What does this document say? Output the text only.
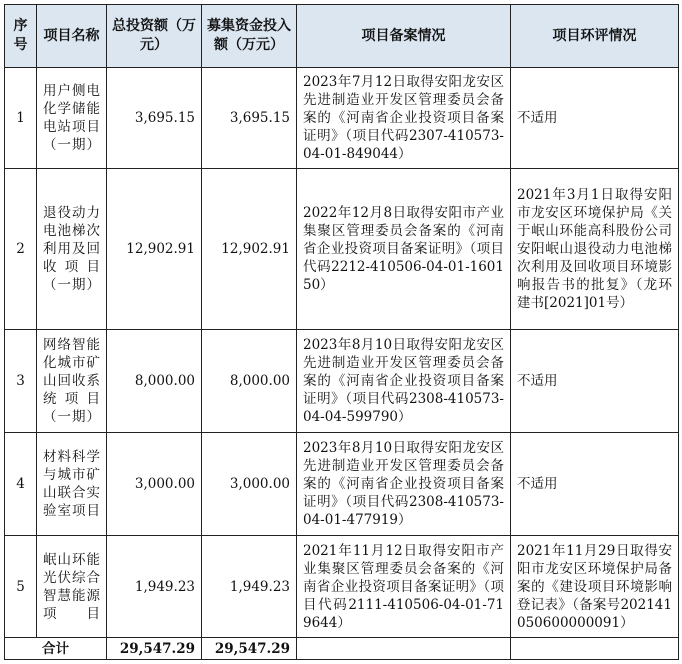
序号	项目名称	总投资额（万元）	募集资金投入额（万元）	项目备案情况	项目环评情况
1	用户侧电化学储能电站项目（一期）	3,695.15	3,695.15	2023年7月12日取得安阳龙安区先进制造业开发区管理委员会备案的《河南省企业投资项目备案证明》（项目代码2307-410573-04-01-849044）	不适用
2	退役动力电池梯次利用及回收项目（一期）	12,902.91	12,902.91	2022年12月8日取得安阳市产业集聚区管理委员会备案的《河南省企业投资项目备案证明》（项目代码2212-410506-04-01-160150）	2021年3月1日取得安阳市龙安区环境保护局《关于岷山环能高科股份公司安阳岷山退役动力电池梯次利用及回收项目环境影响报告书的批复》（龙环建书[2021]01号）
3	网络智能化城市矿山回收系统项目（一期）	8,000.00	8,000.00	2023年8月10日取得安阳龙安区先进制造业开发区管理委员会备案的《河南省企业投资项目备案证明》（项目代码2308-410573-04-04-599790）	不适用
4	材料科学与城市矿山联合实验室项目	3,000.00	3,000.00	2023年8月10日取得安阳龙安区先进制造业开发区管理委员会备案的《河南省企业投资项目备案证明》（项目代码2308-410573-04-01-477919）	不适用
5	岷山环能光伏综合智慧能源项目	1,949.23	1,949.23	2021年11月12日取得安阳市产业集聚区管理委员会备案的《河南省企业投资项目备案证明》（项目代码2111-410506-04-01-719644）	2021年11月29日取得安阳市龙安区环境保护局备案的《建设项目环境影响登记表》（备案号202141050600000091）
合计		29,547.29	29,547.29		
